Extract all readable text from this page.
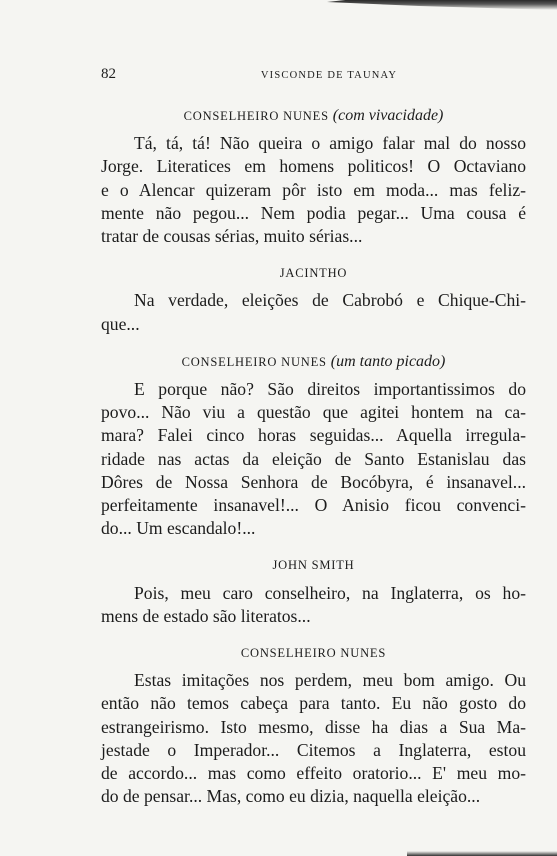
82	VISCONDE DE TAUNAY

CONSELHEIRO NUNES (com vivacidade)

Tá, tá, tá! Não queira o amigo falar mal do nosso
Jorge. Literatices em homens politicos! O Octaviano
e o Alencar quizeram pôr isto em moda... mas feliz-
mente não pegou... Nem podia pegar... Uma cousa é
tratar de cousas sérias, muito sérias...

JACINTHO

Na verdade, eleições de Cabrobó e Chique-Chi-
que...

CONSELHEIRO NUNES (um tanto picado)

E porque não? São direitos importantissimos do
povo... Não viu a questão que agitei hontem na ca-
mara? Falei cinco horas seguidas... Aquella irregula-
ridade nas actas da eleição de Santo Estanislau das
Dôres de Nossa Senhora de Bocóbyra, é insanavel...
perfeitamente insanavel!... O Anisio ficou convenci-
do... Um escandalo!...

JOHN SMITH

Pois, meu caro conselheiro, na Inglaterra, os ho-
mens de estado são literatos...

CONSELHEIRO NUNES

Estas imitações nos perdem, meu bom amigo. Ou
então não temos cabeça para tanto. Eu não gosto do
estrangeirismo. Isto mesmo, disse ha dias a Sua Ma-
jestade o Imperador... Citemos a Inglaterra, estou
de accordo... mas como effeito oratorio... E' meu mo-
do de pensar... Mas, como eu dizia, naquella eleição...
